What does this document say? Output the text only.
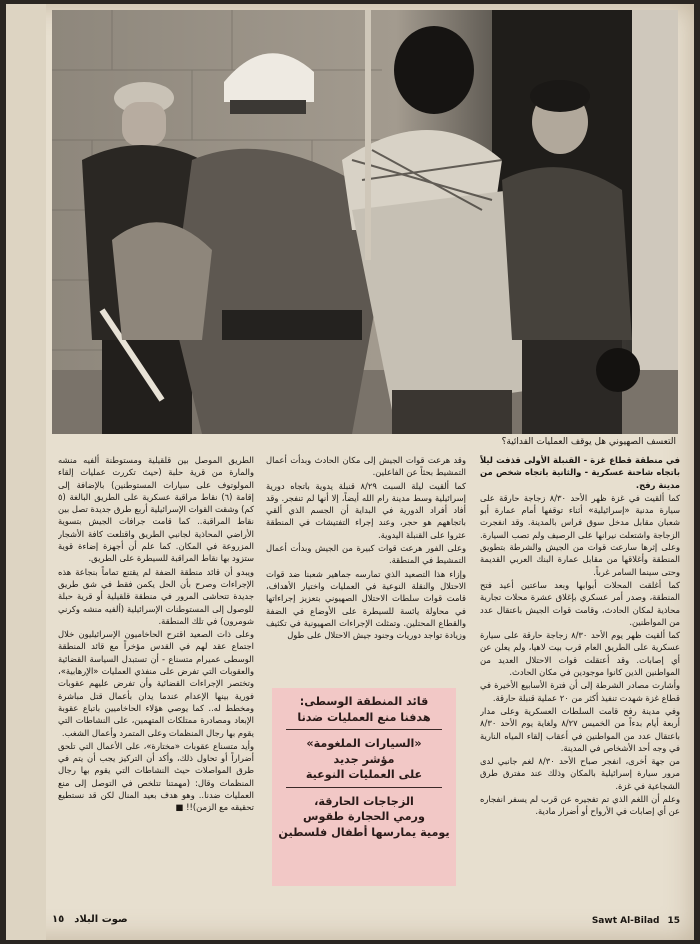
التعسف الصهيوني هل يوقف العمليات الفدائية؟

في منطقة قطاع غزة - القنبلة الأولى قذفت ليلاً باتجاه شاحنة عسكرية - والثانية باتجاه شخص من مدينة رفح.

كما ألقيت في غزة ظهر الأحد ٨/٣٠ زجاجة حارقة على سيارة مدنية «إسرائيلية» أثناء توقفها أمام عمارة أبو شعبان مقابل مدخل سوق فراس بالمدينة. وقد انفجرت الزجاجة واشتعلت نيرانها على الرصيف ولم تصب السيارة. وعلى إثرها سارعت قوات من الجيش والشرطة بتطويق المنطقة وأغلاقها من مقابل عمارة البنك العربي القديمة وحتى سينما السامر غرباً.

كما أغلقت المحلات أبوابها وبعد ساعتين أعيد فتح المنطقة، وصدر أمر عسكري بإغلاق عشرة محلات تجارية محاذية لمكان الحادث، وقامت قوات الجيش باعتقال عدد من المواطنين.

كما ألقيت ظهر يوم الأحد ٨/٣٠ زجاجة حارقة على سيارة عسكرية على الطريق العام قرب بيت لاهيا، ولم يعلن عن أي إصابات. وقد أعتقلت قوات الاحتلال العديد من المواطنين الذين كانوا موجودين في مكان الحادث.

وأشارت مصادر الشرطة إلى أن فترة الأسابيع الأخيرة في قطاع غزة شهدت تنفيذ أكثر من ٢٠ عملية قنبلة حارقة.

وفي مدينة رفح قامت السلطات العسكرية وعلى مدار أربعة أيام بدءاً من الخميس ٨/٢٧ ولغاية يوم الأحد ٨/٣٠ باعتقال عدد من المواطنين في أعقاب إلقاء المياه النارية في وجه أحد الأشخاص في المدينة.

من جهة أخرى، انفجر صباح الأحد ٨/٣٠ لغم جانبي لدى مرور سيارة إسرائيلية بالمكان وذلك عند مفترق طرق الشجاعية في غزة.

وعلم أن اللغم الذي تم تفجيره عن قرب لم يسفر انفجاره عن أي إصابات في الأرواح أو أضرار مادية.

وقد هرعت قوات الجيش إلى مكان الحادث وبدأت أعمال التمشيط بحثاً عن الفاعلين.

كما ألقيت ليلة السبت ٨/٢٩ قنبلة يدوية باتجاه دورية إسرائيلية وسط مدينة رام الله أيضاً، إلا أنها لم تنفجر. وقد أفاد أفراد الدورية في البداية أن الجسم الذي ألقي باتجاههم هو حجر، وعند إجراء التفتيشات في المنطقة عثروا على القنبلة اليدوية.

وعلى الفور هرعت قوات كبيرة من الجيش وبدأت أعمال التمشيط في المنطقة.

وإزاء هذا التصعيد الذي تمارسه جماهير شعبنا ضد قوات الاحتلال والنقلة النوعية في العمليات واختيار الأهداف، قامت قوات سلطات الاحتلال الصهيوني بتعزيز إجراءاتها في محاولة يائسة للسيطرة على الأوضاع في الضفة والقطاع المحتلين. وتمثلت الإجراءات الصهيونية في تكثيف وزيادة تواجد دوريات وجنود جيش الاحتلال على طول

قائد المنطقة الوسطى:
هدفنا منع العمليات ضدنا
«السيارات الملغومة»
مؤشر جديد
على العمليات النوعية
الزجاجات الحارقة،
ورمي الحجارة طقوس
يومية يمارسها أطفال فلسطين

الطريق الموصل بين قلقيلية ومستوطنة ألفيه منشه والمارة من قرية حلبة (حيث تكررت عمليات إلقاء المولوتوف على سيارات المستوطنين) بالإضافة إلى إقامة (٦) نقاط مراقبة عسكرية على الطريق البالغة (٥ كم) وشقت القوات الإسرائيلية أربع طرق جديدة تصل بين نقاط المراقبة.. كما قامت جرافات الجيش بتسوية الأراضي المحاذية لجانبي الطريق واقتلعت كافة الأشجار المزروعة في المكان. كما علم أن أجهزة إضاءة قوية ستزود بها نقاط المراقبة للسيطرة على الطريق.

ويبدو أن قائد منطقة الضفة لم يقتنع تماماً بنجاعة هذه الإجراءات وصرح بأن الحل يكمن فقط في شق طريق جديدة تتحاشى المرور في منطقة قلقيلية أو قرية حبلة للوصول إلى المستوطنات الإسرائيلية (ألفيه منشه وكرني شومرون) في تلك المنطقة.

وعلى ذات الصعيد اقترح الحاخاميون الإسرائيليون خلال اجتماع عقد لهم في القدس مؤخراً مع قائد المنطقة الوسطى عميرام متسناع - أن تستبدل السياسة القضائية والعقوبات التي تفرض على منفذي العمليات «الإرهابية»، وتختصر الإجراءات القضائية وأن تفرض عليهم عقوبات فورية بينها الإعدام عندما يدان بأعمال قتل مباشرة ومخطط له.. كما يوصي هؤلاء الحاخاميين باتباع عقوبة الإبعاد ومصادرة ممتلكات المتهمين، على النشاطات التي يقوم بها رجال المنظمات وعلى المتمرد وأعمال الشغب.

وأيد متسناع عقوبات «مختارة»، على الأعمال التي تلحق أضراراً أو تحاول ذلك، وأكد أن التركيز يجب أن يتم في طرق المواصلات حيث النشاطات التي يقوم بها رجال المنظمات وقال: (مهمتنا تتلخص في التوصل إلى منع العمليات ضدنا.. وهو هدف بعيد المنال لكن قد نستطيع تحقيقه مع الزمن)!! ■

Sawt Al-Bilad 15
صوت البلاد
١٥
